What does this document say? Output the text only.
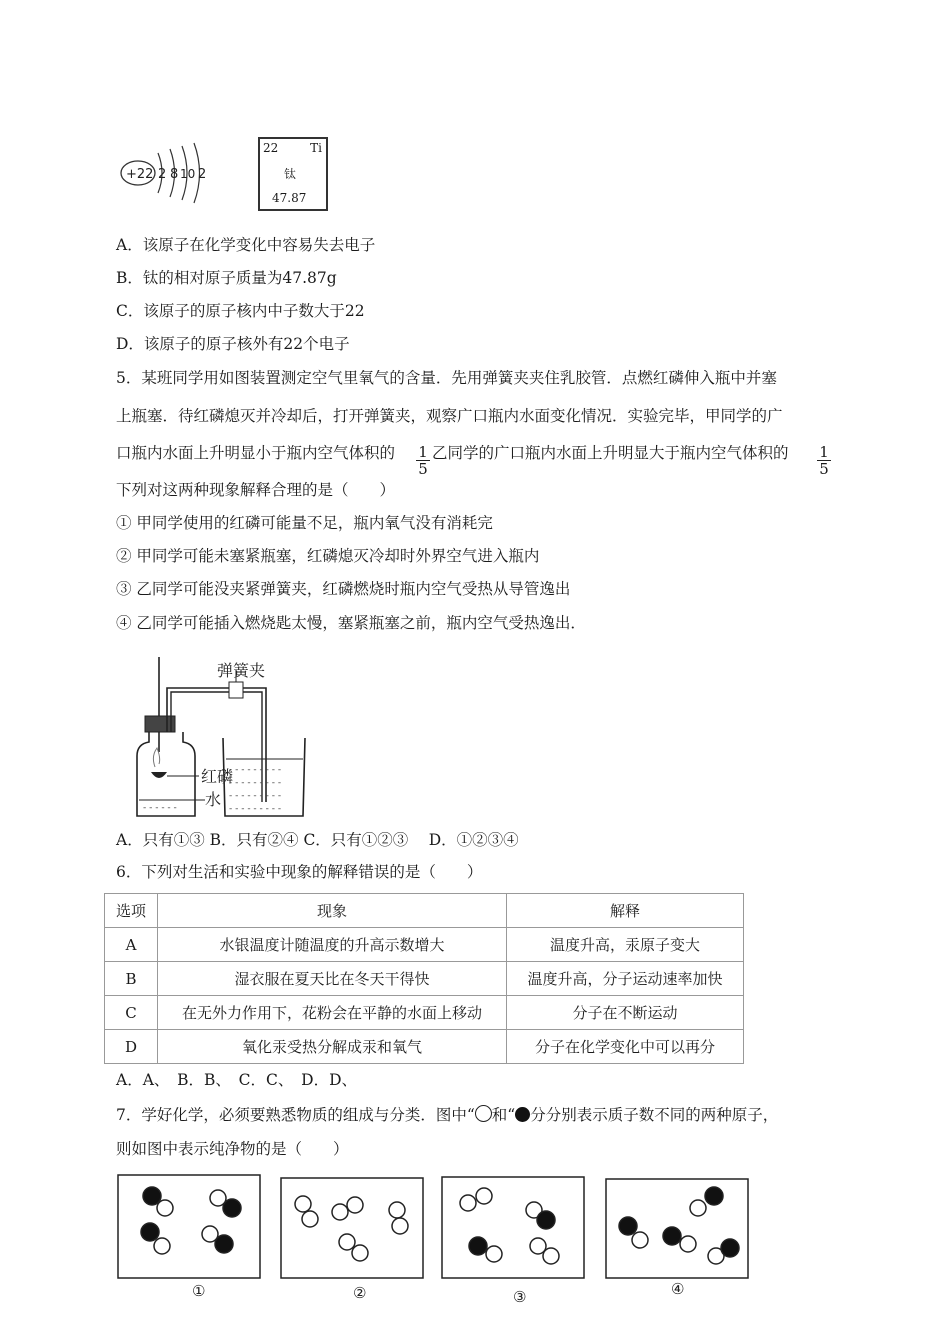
+22 2 8 10 2
22	Ti
钛
47.87
A．该原子在化学变化中容易失去电子
B．钛的相对原子质量为47.87g
C．该原子的原子核内中子数大于22
D．该原子的原子核外有22个电子
5．某班同学用如图装置测定空气里氧气的含量．先用弹簧夹夹住乳胶管．点燃红磷伸入瓶中并塞
上瓶塞．待红磷熄灭并冷却后，打开弹簧夹，观察广口瓶内水面变化情况．实验完毕，甲同学的广
口瓶内水面上升明显小于瓶内空气体积的 $\frac{1}{5}$ 乙同学的广口瓶内水面上升明显大于瓶内空气体积的 $\frac{1}{5}$
下列对这两种现象解释合理的是（　　）
① 甲同学使用的红磷可能量不足，瓶内氧气没有消耗完
② 甲同学可能未塞紧瓶塞，红磷熄灭冷却时外界空气进入瓶内
③ 乙同学可能没夹紧弹簧夹，红磷燃烧时瓶内空气受热从导管逸出
④ 乙同学可能插入燃烧匙太慢，塞紧瓶塞之前，瓶内空气受热逸出．
- - - - - -
- - - - - - - - -
- - - - - - - - -
- - - - - - - - -
- - - - - - - - -
弹簧夹
红磷
水
A．只有①③ B．只有②④ C．只有①②③　 D．①②③④
6．下列对生活和实验中现象的解释错误的是（　　）
选项	现象	解释
A	水银温度计随温度的升高示数增大	温度升高，汞原子变大
B	湿衣服在夏天比在冬天干得快	温度升高，分子运动速率加快
C	在无外力作用下，花粉会在平静的水面上移动	分子在不断运动
D	氧化汞受热分解成汞和氧气	分子在化学变化中可以再分
A．A、　B．B、　C．C、　D．D、
7．学好化学，必须要熟悉物质的组成与分类．图中“ 和“ 分分别表示质子数不同的两种原子，
则如图中表示纯净物的是（　　）
①	②	③	④
